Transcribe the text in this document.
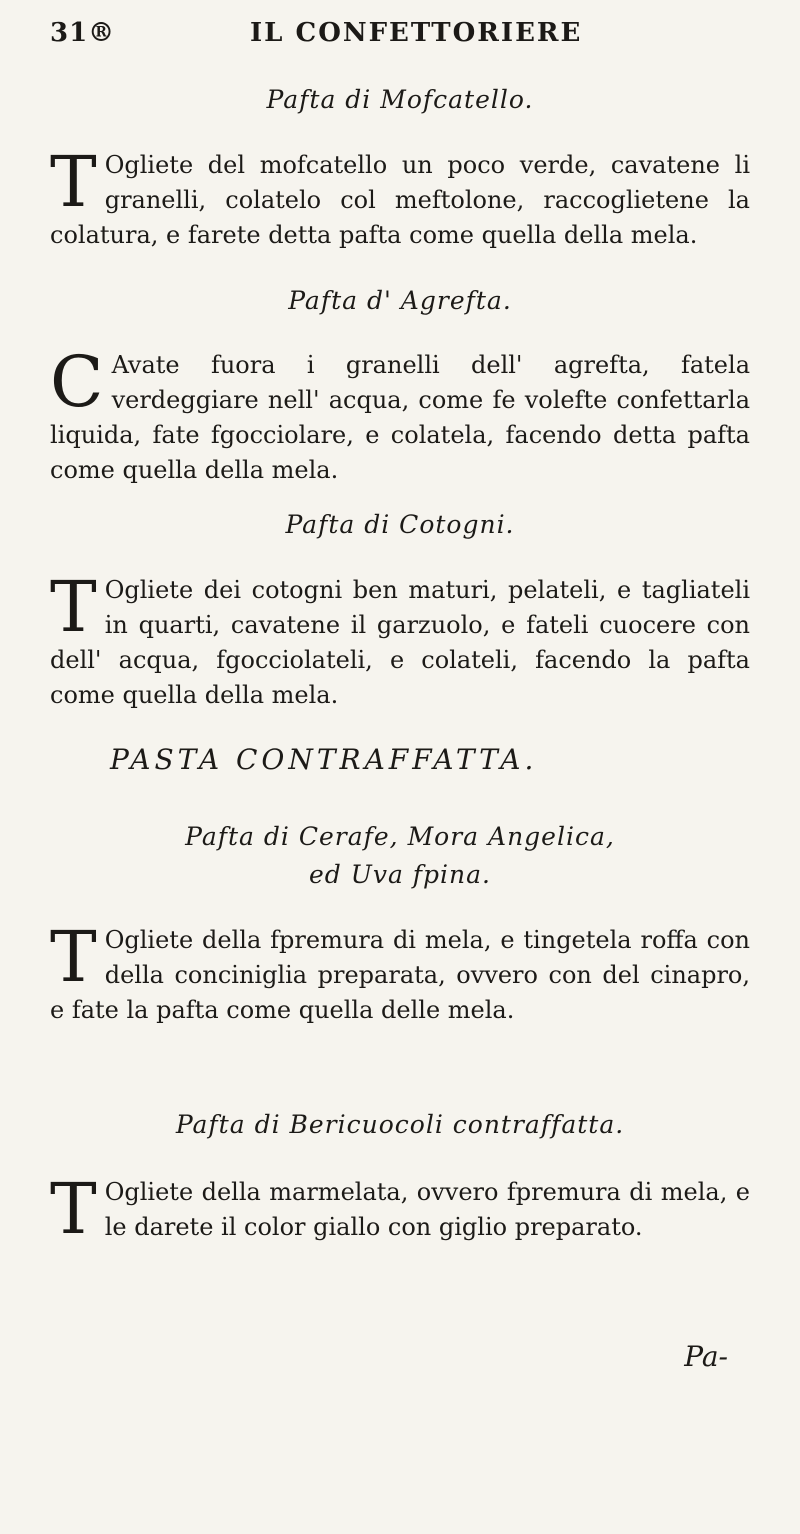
31®	IL CONFETTORIERE
Pafta di Mofcatello.

T Ogliete del mofcatello un poco verde, cavatene li granelli, colatelo col meftolone, raccoglietene la colatura, e farete detta pafta come quella della mela.

Pafta d' Agrefta.

C Avate fuora i granelli dell' agrefta, fatela verdeggiare nell' acqua, come fe volefte confettarla liquida, fate fgocciolare, e colatela, facendo detta pafta come quella della mela.

Pafta di Cotogni.

T Ogliete dei cotogni ben maturi, pelateli, e tagliateli in quarti, cavatene il garzuolo, e fateli cuocere con dell' acqua, fgocciolateli, e colateli, facendo la pafta come quella della mela.

PASTA CONTRAFFATTA.
Pafta di Cerafe, Mora Angelica,
ed Uva fpina.

T Ogliete della fpremura di mela, e tingetela roffa con della conciniglia preparata, ovvero con del cinapro, e fate la pafta come quella delle mela.

Pafta di Bericuocoli contraffatta.

T Ogliete della marmelata, ovvero fpremura di mela, e le darete il color giallo con giglio preparato.

Pa-
